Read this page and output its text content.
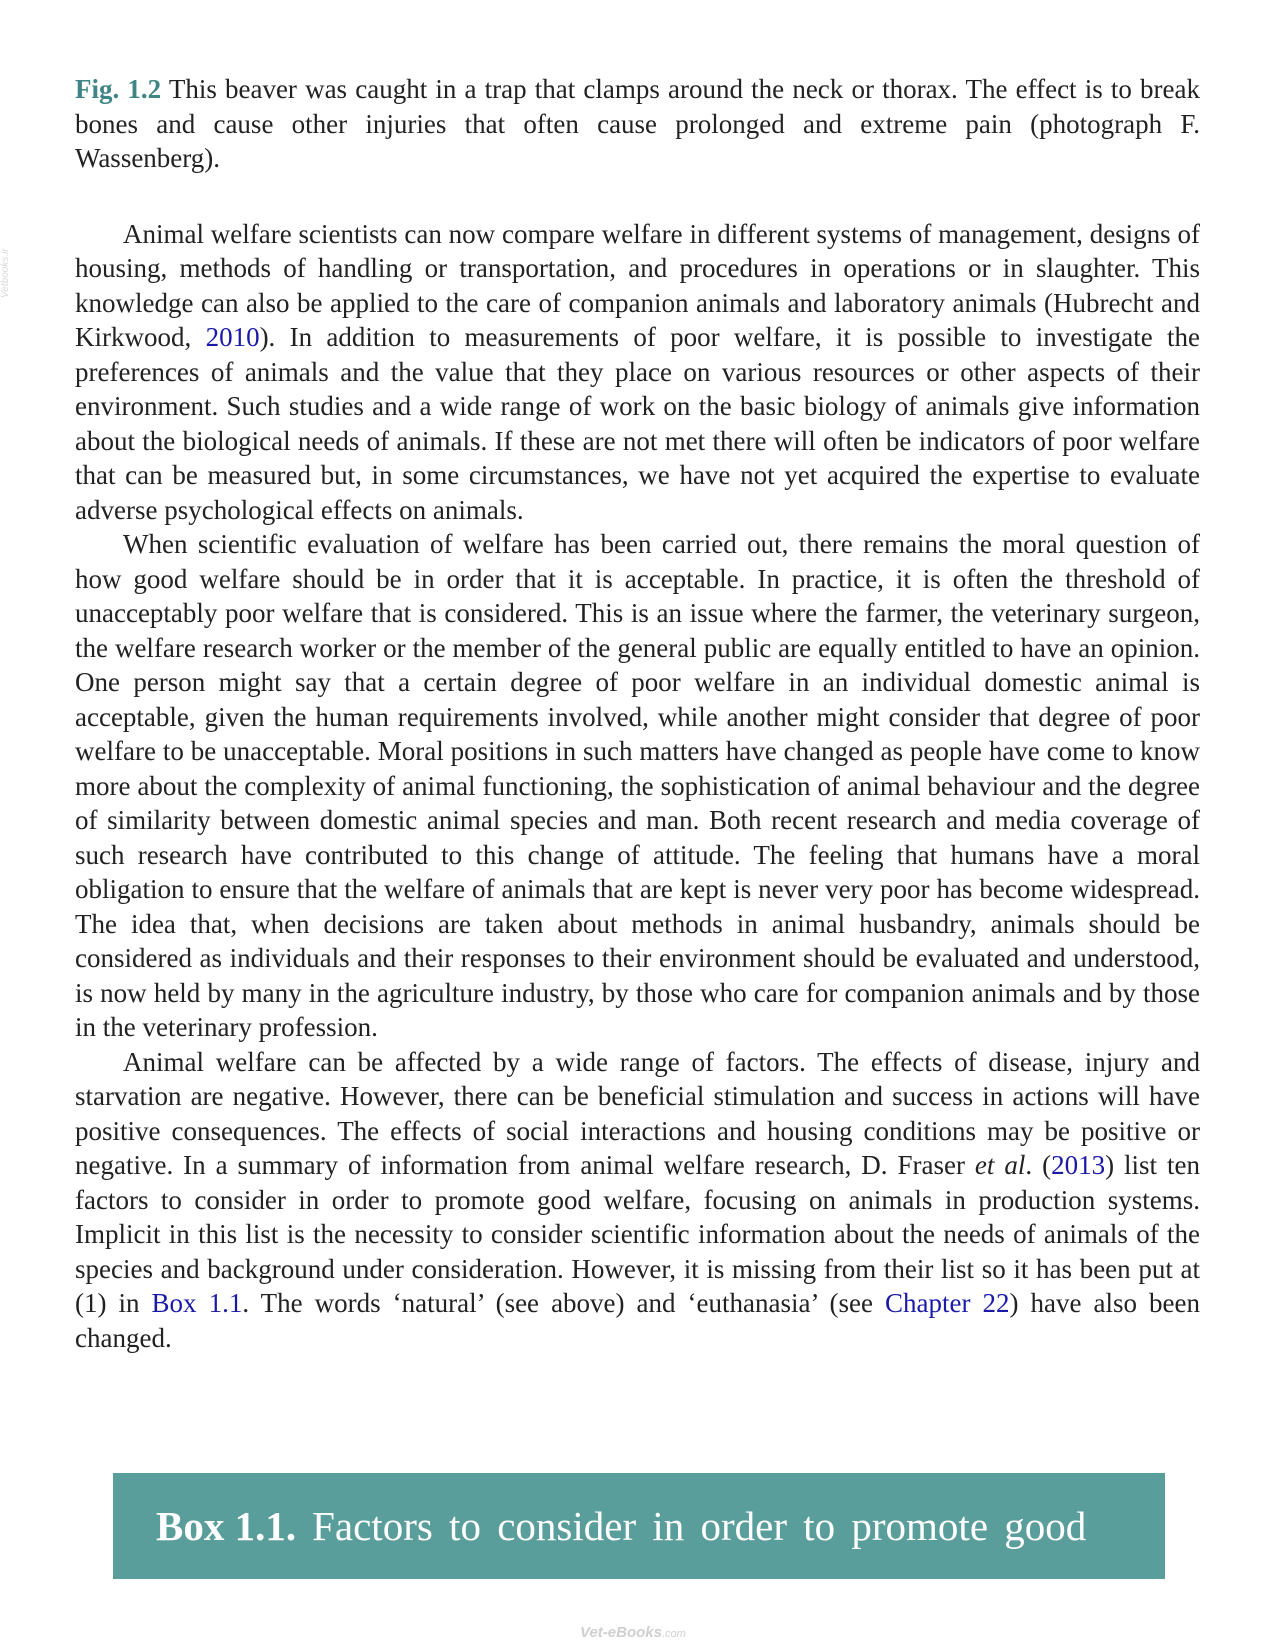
Vetbooks.ir

Fig. 1.2 This beaver was caught in a trap that clamps around the neck or thorax. The effect is to break bones and cause other injuries that often cause prolonged and extreme pain (photograph F. Wassenberg).

Animal welfare scientists can now compare welfare in different systems of management, designs of housing, methods of handling or transportation, and procedures in operations or in slaughter. This knowledge can also be applied to the care of companion animals and laboratory animals (Hubrecht and Kirkwood, 2010). In addition to measurements of poor welfare, it is possible to investigate the preferences of animals and the value that they place on various resources or other aspects of their environment. Such studies and a wide range of work on the basic biology of animals give information about the biological needs of animals. If these are not met there will often be indicators of poor welfare that can be measured but, in some circumstances, we have not yet acquired the expertise to evaluate adverse psychological effects on animals.

When scientific evaluation of welfare has been carried out, there remains the moral question of how good welfare should be in order that it is acceptable. In practice, it is often the threshold of unacceptably poor welfare that is considered. This is an issue where the farmer, the veterinary surgeon, the welfare research worker or the member of the general public are equally entitled to have an opinion. One person might say that a certain degree of poor welfare in an individual domestic animal is acceptable, given the human requirements involved, while another might consider that degree of poor welfare to be unacceptable. Moral positions in such matters have changed as people have come to know more about the complexity of animal functioning, the sophistication of animal behaviour and the degree of similarity between domestic animal species and man. Both recent research and media coverage of such research have contributed to this change of attitude. The feeling that humans have a moral obligation to ensure that the welfare of animals that are kept is never very poor has become widespread. The idea that, when decisions are taken about methods in animal husbandry, animals should be considered as individuals and their responses to their environment should be evaluated and understood, is now held by many in the agriculture industry, by those who care for companion animals and by those in the veterinary profession.

Animal welfare can be affected by a wide range of factors. The effects of disease, injury and starvation are negative. However, there can be beneficial stimulation and success in actions will have positive consequences. The effects of social interactions and housing conditions may be positive or negative. In a summary of information from animal welfare research, D. Fraser et al. (2013) list ten factors to consider in order to promote good welfare, focusing on animals in production systems. Implicit in this list is the necessity to consider scientific information about the needs of animals of the species and background under consideration. However, it is missing from their list so it has been put at (1) in Box 1.1. The words ‘natural’ (see above) and ‘euthanasia’ (see Chapter 22) have also been changed.

Box 1.1. Factors to consider in order to promote good
Vet-eBooks.com
